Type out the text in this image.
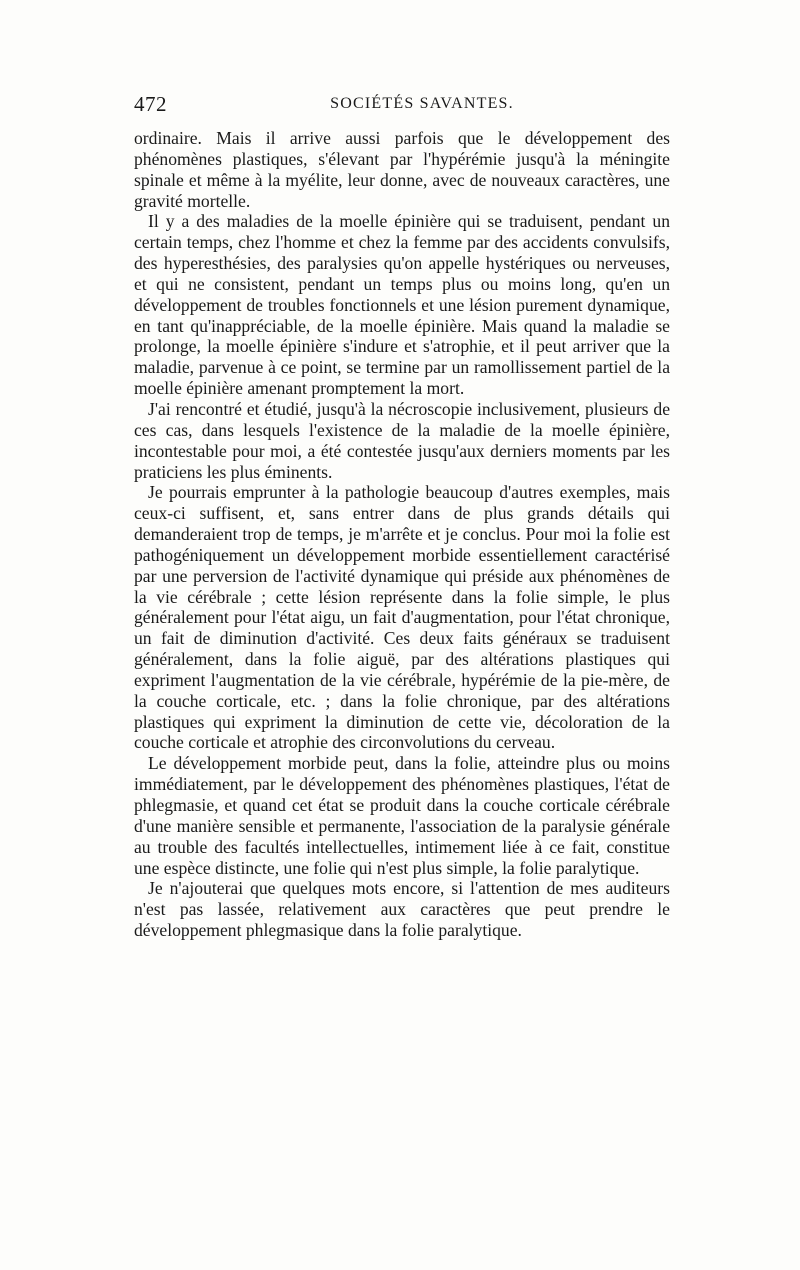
472	SOCIÉTÉS SAVANTES.

ordinaire. Mais il arrive aussi parfois que le développement des phénomènes plastiques, s'élevant par l'hypérémie jusqu'à la méningite spinale et même à la myélite, leur donne, avec de nouveaux caractères, une gravité mortelle.

Il y a des maladies de la moelle épinière qui se traduisent, pendant un certain temps, chez l'homme et chez la femme par des accidents convulsifs, des hyperesthésies, des paralysies qu'on appelle hystériques ou nerveuses, et qui ne consistent, pendant un temps plus ou moins long, qu'en un développement de troubles fonctionnels et une lésion purement dynamique, en tant qu'inappréciable, de la moelle épinière. Mais quand la maladie se prolonge, la moelle épinière s'indure et s'atrophie, et il peut arriver que la maladie, parvenue à ce point, se termine par un ramollissement partiel de la moelle épinière amenant promptement la mort.

J'ai rencontré et étudié, jusqu'à la nécroscopie inclusivement, plusieurs de ces cas, dans lesquels l'existence de la maladie de la moelle épinière, incontestable pour moi, a été contestée jusqu'aux derniers moments par les praticiens les plus éminents.

Je pourrais emprunter à la pathologie beaucoup d'autres exemples, mais ceux-ci suffisent, et, sans entrer dans de plus grands détails qui demanderaient trop de temps, je m'arrête et je conclus. Pour moi la folie est pathogéniquement un développement morbide essentiellement caractérisé par une perversion de l'activité dynamique qui préside aux phénomènes de la vie cérébrale ; cette lésion représente dans la folie simple, le plus généralement pour l'état aigu, un fait d'augmentation, pour l'état chronique, un fait de diminution d'activité. Ces deux faits généraux se traduisent généralement, dans la folie aiguë, par des altérations plastiques qui expriment l'augmentation de la vie cérébrale, hypérémie de la pie-mère, de la couche corticale, etc. ; dans la folie chronique, par des altérations plastiques qui expriment la diminution de cette vie, décoloration de la couche corticale et atrophie des circonvolutions du cerveau.

Le développement morbide peut, dans la folie, atteindre plus ou moins immédiatement, par le développement des phénomènes plastiques, l'état de phlegmasie, et quand cet état se produit dans la couche corticale cérébrale d'une manière sensible et permanente, l'association de la paralysie générale au trouble des facultés intellectuelles, intimement liée à ce fait, constitue une espèce distincte, une folie qui n'est plus simple, la folie paralytique.

Je n'ajouterai que quelques mots encore, si l'attention de mes auditeurs n'est pas lassée, relativement aux caractères que peut prendre le développement phlegmasique dans la folie paralytique.
